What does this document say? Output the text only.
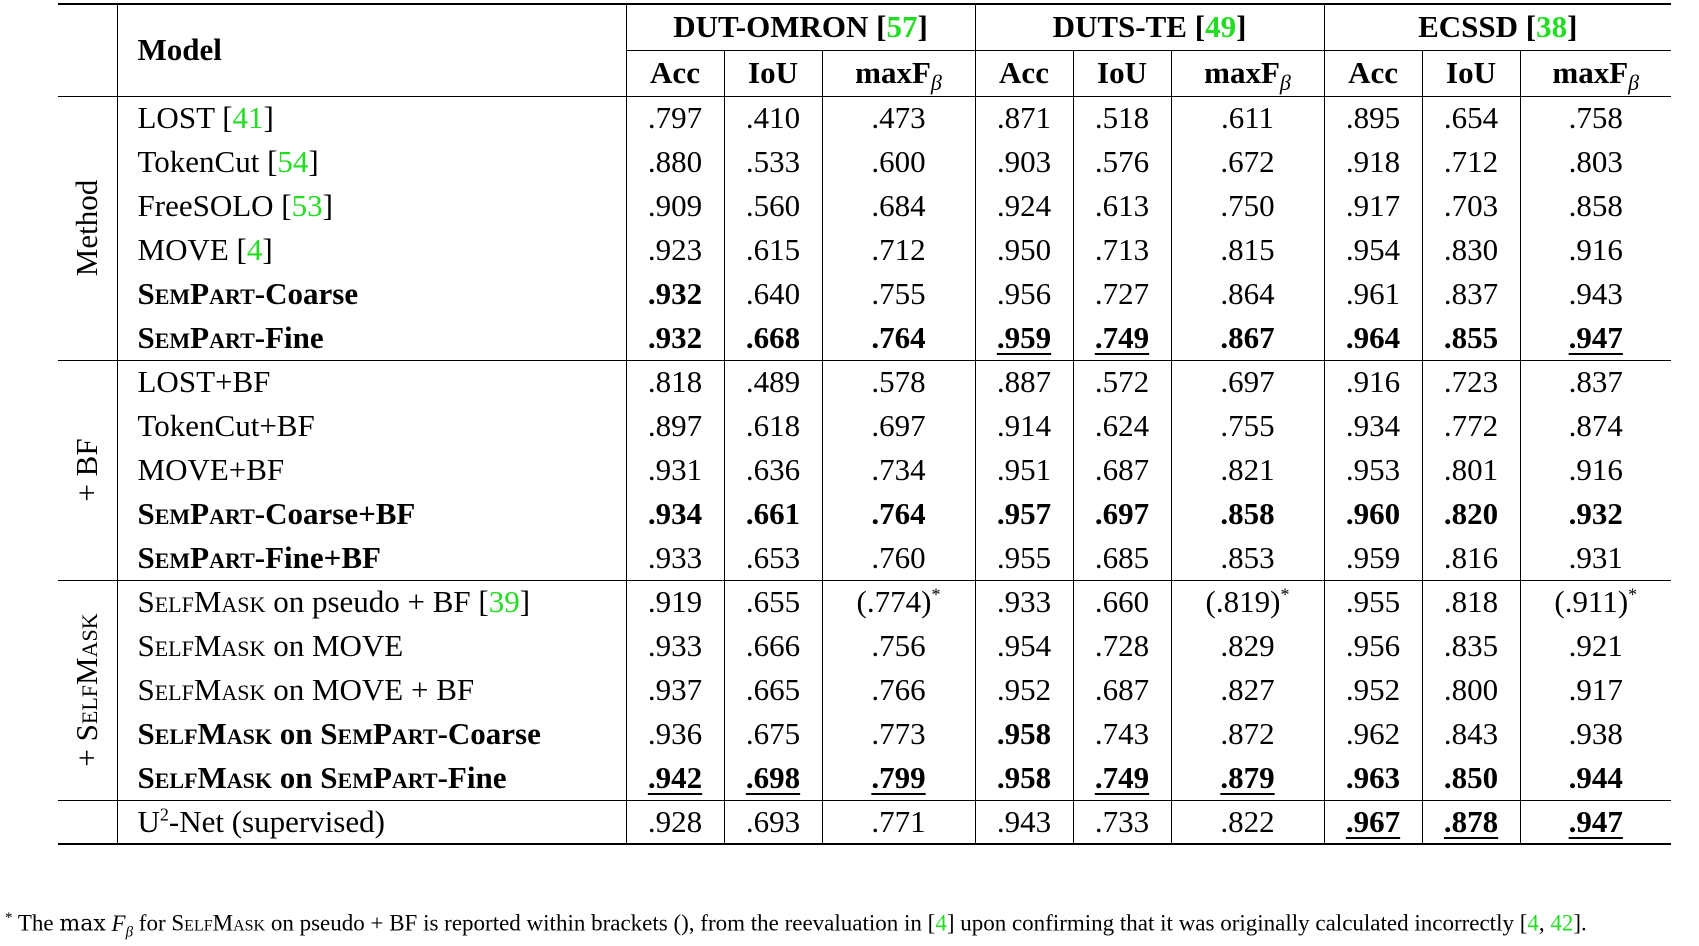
	Model	DUT-OMRON [57]			DUTS-TE [49]			ECSSD [38]		
		Acc	IoU	maxF$_\beta$	Acc	IoU	maxF$_\beta$	Acc	IoU	maxF$_\beta$

Method	LOST [41]	.797	.410	.473	.871	.518	.611	.895	.654	.758
	TokenCut [54]	.880	.533	.600	.903	.576	.672	.918	.712	.803
	FreeSOLO [53]	.909	.560	.684	.924	.613	.750	.917	.703	.858
	MOVE [4]	.923	.615	.712	.950	.713	.815	.954	.830	.916
	SemPart-Coarse	.932	.640	.755	.956	.727	.864	.961	.837	.943
	SemPart-Fine	.932	.668	.764	.959	.749	.867	.964	.855	.947

+ BF	LOST+BF	.818	.489	.578	.887	.572	.697	.916	.723	.837
	TokenCut+BF	.897	.618	.697	.914	.624	.755	.934	.772	.874
	MOVE+BF	.931	.636	.734	.951	.687	.821	.953	.801	.916
	SemPart-Coarse+BF	.934	.661	.764	.957	.697	.858	.960	.820	.932
	SemPart-Fine+BF	.933	.653	.760	.955	.685	.853	.959	.816	.931

+ SelfMask	SelfMask on pseudo + BF [39]	.919	.655	(.774)*	.933	.660	(.819)*	.955	.818	(.911)*
	SelfMask on MOVE	.933	.666	.756	.954	.728	.829	.956	.835	.921
	SelfMask on MOVE + BF	.937	.665	.766	.952	.687	.827	.952	.800	.917
	SelfMask on SemPart-Coarse	.936	.675	.773	.958	.743	.872	.962	.843	.938
	SelfMask on SemPart-Fine	.942	.698	.799	.958	.749	.879	.963	.850	.944
	$U^2$-Net (supervised)	.928	.693	.771	.943	.733	.822	.967	.878	.947
* The $\max F_\beta$ for SelfMask on pseudo + BF is reported within brackets (), from the reevaluation in [4] upon confirming that it was originally calculated incorrectly [4, 42].
